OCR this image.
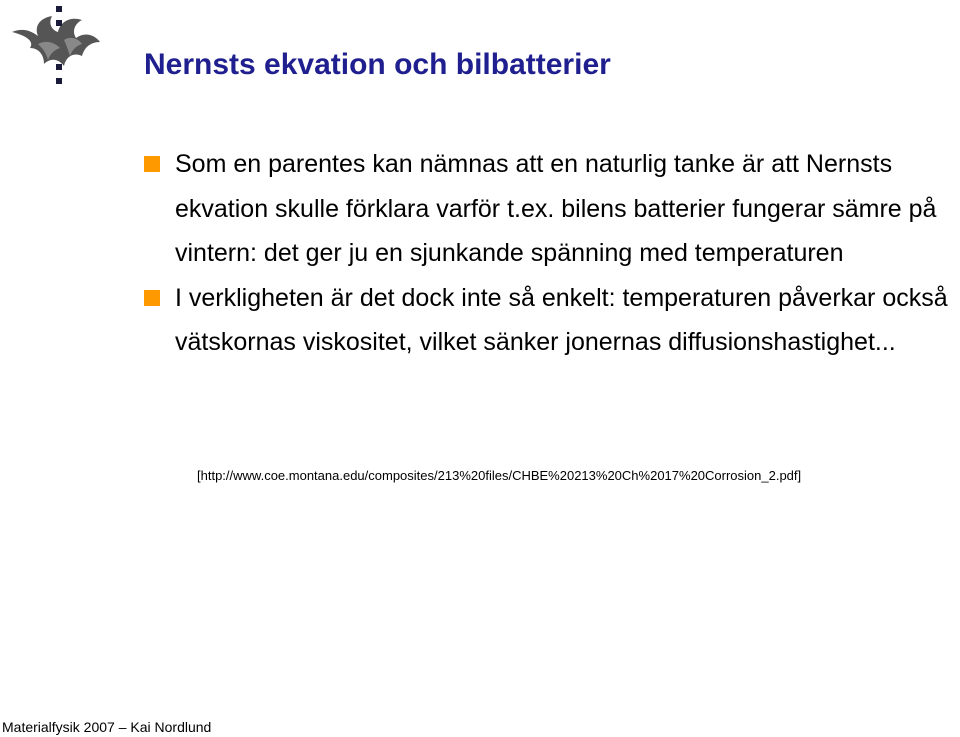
Nernsts ekvation och bilbatterier
Som en parentes kan nämnas att en naturlig tanke är att Nernsts ekvation skulle förklara varför t.ex. bilens batterier fungerar sämre på vintern: det ger ju en sjunkande spänning med temperaturen
I verkligheten är det dock inte så enkelt: temperaturen påverkar också vätskornas viskositet, vilket sänker jonernas diffusionshastighet...
[http://www.coe.montana.edu/composites/213%20files/CHBE%20213%20Ch%2017%20Corrosion_2.pdf]
Materialfysik 2007 – Kai Nordlund
